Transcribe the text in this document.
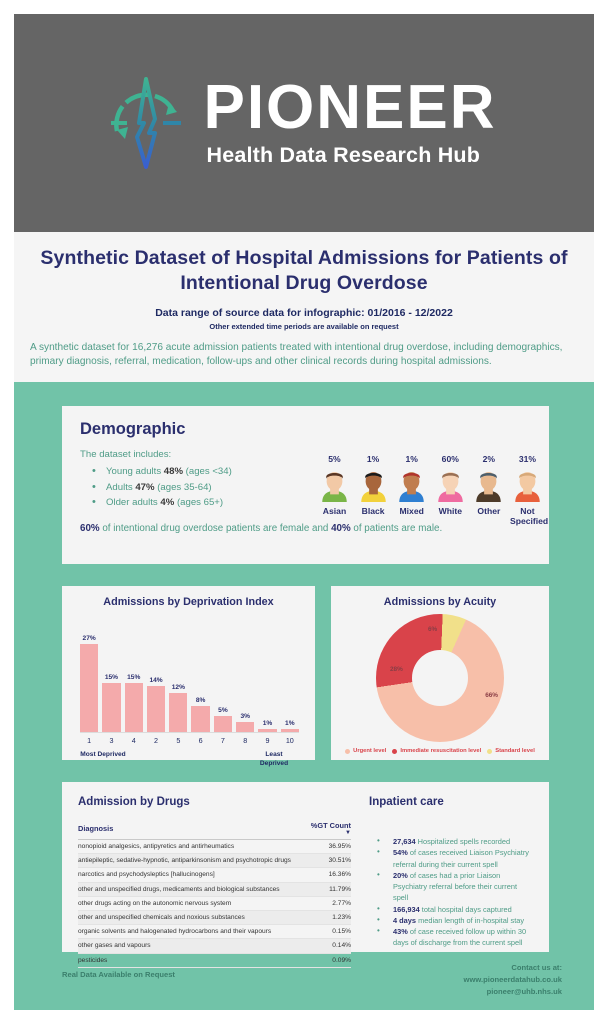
PIONEER
Health Data Research Hub
Synthetic Dataset of Hospital Admissions for Patients of Intentional Drug Overdose
Data range of source data for infographic: 01/2016 - 12/2022
Other extended time periods are available on request
A synthetic dataset for 16,276 acute admission patients treated with intentional drug overdose, including demographics, primary diagnosis, referral, medication, follow-ups and other clinical records during hospital admissions.
Demographic
The dataset includes:
• Young adults 48% (ages <34)
• Adults 47% (ages 35-64)
• Older adults 4% (ages 65+)
60% of intentional drug overdose patients are female and 40% of patients are male.
5%
Asian
1%
Black
1%
Mixed
60%
White
2%
Other
31%
Not
Specified
Admissions by Deprivation Index
27%
15% 15% 14%
12%
8%
5%
3%
1% 1%
1	3	4	2	5	6	7	8	9	10
Most Deprived	Least Deprived
Admissions by Acuity
66%
28%
6%
Urgent level Immediate resuscitation level Standard level
Admission by Drugs
Diagnosis	%GT Count
▼

nonopioid analgesics, antipyretics and antirheumatics	36.95%
antiepileptic, sedative-hypnotic, antiparkinsonism and psychotropic drugs	30.51%
narcotics and psychodysleptics [hallucinogens]	16.36%
other and unspecified drugs, medicaments and biological substances	11.79%
other drugs acting on the autonomic nervous system	2.77%
other and unspecified chemicals and noxious substances	1.23%
organic solvents and halogenated hydrocarbons and their vapours	0.15%
other gases and vapours	0.14%
pesticides	0.09%
Inpatient care
• 27,634 Hospitalized spells recorded
• 54% of cases received Liaison Psychiatry referral during their current spell
• 20% of cases had a prior Liaison Psychiatry referral before their current spell
• 166,934 total hospital days captured
• 4 days median length of in-hospital stay
• 43% of case received follow up within 30 days of discharge from the current spell
Real Data Available on Request
Contact us at:
www.pioneerdatahub.co.uk
pioneer@uhb.nhs.uk
